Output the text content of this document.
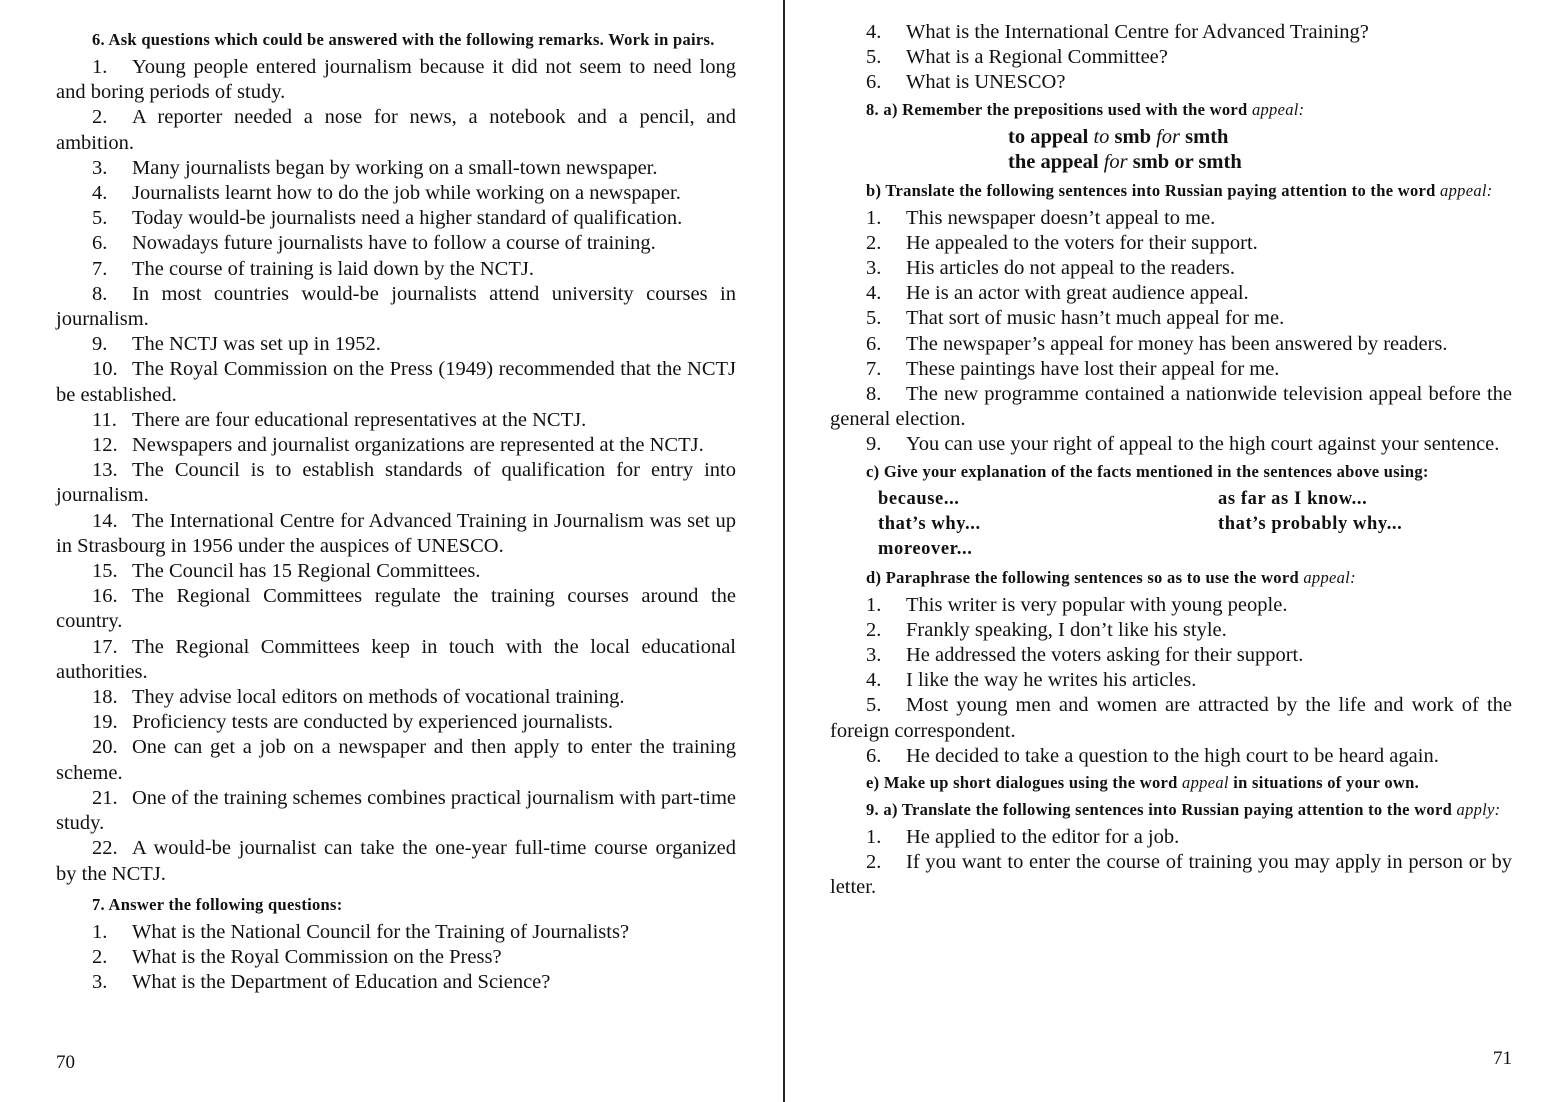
6. Ask questions which could be answered with the following remarks. Work in pairs.

1. Young people entered journalism because it did not seem to need long and boring periods of study.

2. A reporter needed a nose for news, a notebook and a pencil, and ambition.

3. Many journalists began by working on a small-town newspaper.

4. Journalists learnt how to do the job while working on a newspaper.

5. Today would-be journalists need a higher standard of qualification.

6. Nowadays future journalists have to follow a course of training.

7. The course of training is laid down by the NCTJ.

8. In most countries would-be journalists attend university courses in journalism.

9. The NCTJ was set up in 1952.

10. The Royal Commission on the Press (1949) recommended that the NCTJ be established.

11. There are four educational representatives at the NCTJ.

12. Newspapers and journalist organizations are represented at the NCTJ.

13. The Council is to establish standards of qualification for entry into journalism.

14. The International Centre for Advanced Training in Journalism was set up in Strasbourg in 1956 under the auspices of UNESCO.

15. The Council has 15 Regional Committees.

16. The Regional Committees regulate the training courses around the country.

17. The Regional Committees keep in touch with the local educational authorities.

18. They advise local editors on methods of vocational training.

19. Proficiency tests are conducted by experienced journalists.

20. One can get a job on a newspaper and then apply to enter the training scheme.

21. One of the training schemes combines practical journalism with part-time study.

22. A would-be journalist can take the one-year full-time course organized by the NCTJ.

7. Answer the following questions:

1. What is the National Council for the Training of Journalists?

2. What is the Royal Commission on the Press?

3. What is the Department of Education and Science?

70

4. What is the International Centre for Advanced Training?

5. What is a Regional Committee?

6. What is UNESCO?

8. a) Remember the prepositions used with the word appeal:

to appeal to smb for smth
the appeal for smb or smth

b) Translate the following sentences into Russian paying attention to the word appeal:

1. This newspaper doesn’t appeal to me.

2. He appealed to the voters for their support.

3. His articles do not appeal to the readers.

4. He is an actor with great audience appeal.

5. That sort of music hasn’t much appeal for me.

6. The newspaper’s appeal for money has been answered by readers.

7. These paintings have lost their appeal for me.

8. The new programme contained a nationwide television appeal before the general election.

9. You can use your right of appeal to the high court against your sentence.

c) Give your explanation of the facts mentioned in the sentences above using:

because...	as far as I know...
that’s why...	that’s probably why...
moreover...

d) Paraphrase the following sentences so as to use the word appeal:

1. This writer is very popular with young people.

2. Frankly speaking, I don’t like his style.

3. He addressed the voters asking for their support.

4. I like the way he writes his articles.

5. Most young men and women are attracted by the life and work of the foreign correspondent.

6. He decided to take a question to the high court to be heard again.

e) Make up short dialogues using the word appeal in situations of your own.

9. a) Translate the following sentences into Russian paying attention to the word apply:

1. He applied to the editor for a job.

2. If you want to enter the course of training you may apply in person or by letter.

71
